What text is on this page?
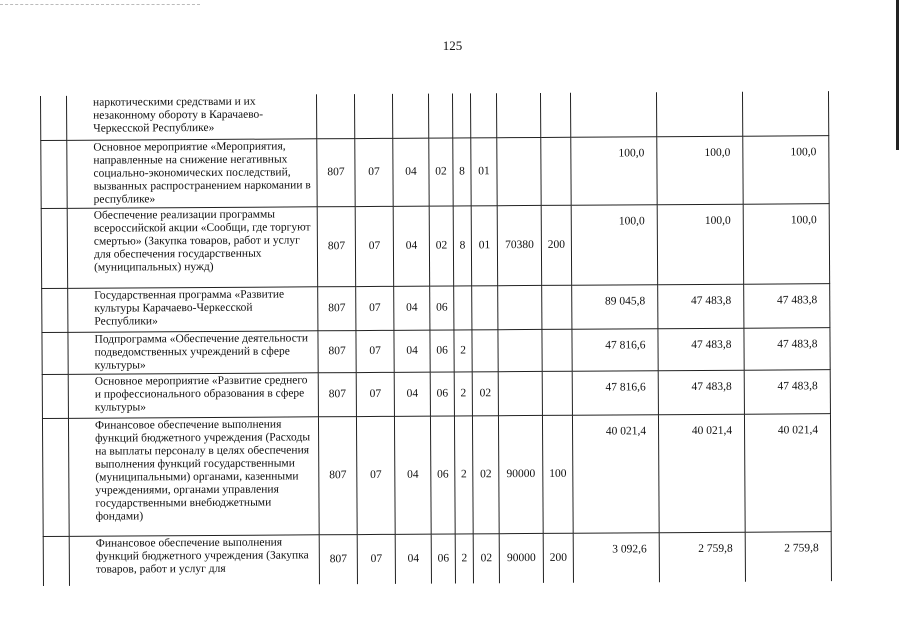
125
	наркотическими средствами и их незаконному обороту в Карачаево-Черкесской Республике»											
	Основное мероприятие «Мероприятия, направленные на снижение негативных социально-экономических последствий, вызванных распространением наркомании в республике»	807	07	04	02	8	01			100,0	100,0	100,0
	Обеспечение реализации программы всероссийской акции «Сообщи, где торгуют смертью» (Закупка товаров, работ и услуг для обеспечения государственных (муниципальных) нужд)	807	07	04	02	8	01	70380	200	100,0	100,0	100,0
	Государственная программа «Развитие культуры Карачаево-Черкесской Республики»	807	07	04	06					89 045,8	47 483,8	47 483,8
	Подпрограмма «Обеспечение деятельности подведомственных учреждений в сфере культуры»	807	07	04	06	2				47 816,6	47 483,8	47 483,8
	Основное мероприятие «Развитие среднего и профессионального образования в сфере культуры»	807	07	04	06	2	02			47 816,6	47 483,8	47 483,8
	Финансовое обеспечение выполнения функций бюджетного учреждения (Расходы на выплаты персоналу в целях обеспечения выполнения функций государственными (муниципальными) органами, казенными учреждениями, органами управления государственными внебюджетными фондами)	807	07	04	06	2	02	90000	100	40 021,4	40 021,4	40 021,4
	Финансовое обеспечение выполнения функций бюджетного учреждения (Закупка товаров, работ и услуг для	807	07	04	06	2	02	90000	200	3 092,6	2 759,8	2 759,8
